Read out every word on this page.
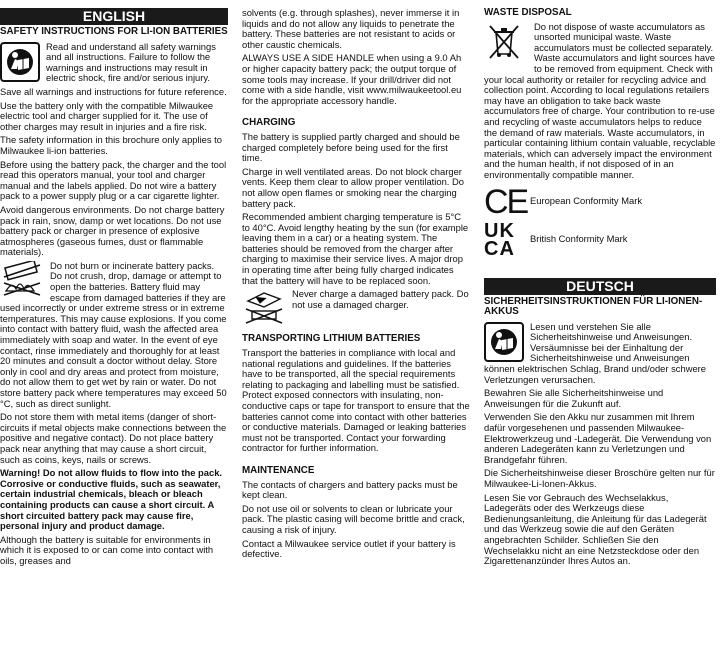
ENGLISH
SAFETY INSTRUCTIONS FOR LI-ION BATTERIES

Read and understand all safety warnings and all instructions. Failure to follow the warnings and instructions may result in electric shock, fire and/or serious injury.

Save all warnings and instructions for future reference.

Use the battery only with the compatible Milwaukee electric tool and charger supplied for it. The use of other charges may result in injuries and a fire risk.

The safety information in this brochure only applies to Milwaukee li-ion batteries.

Before using the battery pack, the charger and the tool read this operators manual, your tool and charger manual and the labels applied. Do not wire a battery pack to a power supply plug or a car cigarette lighter.

Avoid dangerous environments. Do not charge battery pack in rain, snow, damp or wet locations. Do not use battery pack or charger in presence of explosive atmospheres (gaseous fumes, dust or flammable materials).

Do not burn or incinerate battery packs. Do not crush, drop, damage or attempt to open the batteries. Battery fluid may escape from damaged batteries if they are used incorrectly or under extreme stress or in extreme temperatures. This may cause explosions. If you come into contact with battery fluid, wash the affected area immediately with soap and water. In the event of eye contact, rinse immediately and thoroughly for at least 20 minutes and consult a doctor without delay. Store only in cool and dry areas and protect from moisture, do not allow them to get wet by rain or water. Do not store battery pack where temperatures may exceed 50 °C, such as direct sunlight.

Do not store them with metal items (danger of short-circuits if metal objects make connections between the positive and negative contact). Do not place battery pack near anything that may cause a short circuit, such as coins, keys, nails or screws.

Warning! Do not allow fluids to flow into the pack. Corrosive or conductive fluids, such as seawater, certain industrial chemicals, bleach or bleach containing products can cause a short circuit. A short circuited battery pack may cause fire, personal injury and product damage.

Although the battery is suitable for environments in which it is exposed to or can come into contact with oils, greases and

solvents (e.g. through splashes), never immerse it in liquids and do not allow any liquids to penetrate the battery. These batteries are not resistant to acids or other caustic chemicals.

ALWAYS USE A SIDE HANDLE when using a 9.0 Ah or higher capacity battery pack; the output torque of some tools may increase. If your drill/driver did not come with a side handle, visit www.milwaukeetool.eu for the appropriate accessory handle.

CHARGING

The battery is supplied partly charged and should be charged completely before being used for the first time.

Charge in well ventilated areas. Do not block charger vents. Keep them clear to allow proper ventilation. Do not allow open flames or smoking near the charging battery pack.

Recommended ambient charging temperature is 5°C to 40°C. Avoid lengthy heating by the sun (for example leaving them in a car) or a heating system. The batteries should be removed from the charger after charging to maximise their service lives. A major drop in operating time after being fully charged indicates that the battery will have to be replaced soon.

Never charge a damaged battery pack. Do not use a damaged charger.

TRANSPORTING LITHIUM BATTERIES

Transport the batteries in compliance with local and national regulations and guidelines. If the batteries have to be transported, all the special requirements relating to packaging and labelling must be satisfied. Protect exposed connectors with insulating, non-conductive caps or tape for transport to ensure that the batteries cannot come into contact with other batteries or conductive materials. Damaged or leaking batteries must not be transported. Contact your forwarding contractor for further information.

MAINTENANCE

The contacts of chargers and battery packs must be kept clean.

Do not use oil or solvents to clean or lubricate your pack. The plastic casing will become brittle and crack, causing a risk of injury.

Contact a Milwaukee service outlet if your battery is defective.

WASTE DISPOSAL

Do not dispose of waste accumulators as unsorted municipal waste. Waste accumulators must be collected separately. Waste accumulators and light sources have to be removed from equipment. Check with your local authority or retailer for recycling advice and collection point. According to local regulations retailers may have an obligation to take back waste accumulators free of charge. Your contribution to re-use and recycling of waste accumulators helps to reduce the demand of raw materials. Waste accumulators, in particular containing lithium contain valuable, recyclable materials, which can adversely impact the environment and the human health, if not disposed of in an environmentally compatible manner.

CE European Conformity Mark
UK CA	British Conformity Mark
DEUTSCH
SICHERHEITSINSTRUKTIONEN FÜR LI-IONEN-AKKUS

Lesen und verstehen Sie alle Sicherheitshinweise und Anweisungen. Versäumnisse bei der Einhaltung der Sicherheitshinweise und Anweisungen können elektrischen Schlag, Brand und/oder schwere Verletzungen verursachen.

Bewahren Sie alle Sicherheitshinweise und Anweisungen für die Zukunft auf.

Verwenden Sie den Akku nur zusammen mit Ihrem dafür vorgesehenen und passenden Milwaukee-Elektrowerkzeug und -Ladegerät. Die Verwendung von anderen Ladegeräten kann zu Verletzungen und Brandgefahr führen.

Die Sicherheitshinweise dieser Broschüre gelten nur für Milwaukee-Li-Ionen-Akkus.

Lesen Sie vor Gebrauch des Wechselakkus, Ladegeräts oder des Werkzeugs diese Bedienungsanleitung, die Anleitung für das Ladegerät und das Werkzeug sowie die auf den Geräten angebrachten Schilder. Schließen Sie den Wechselakku nicht an eine Netzsteckdose oder den Zigarettenanzünder Ihres Autos an.
